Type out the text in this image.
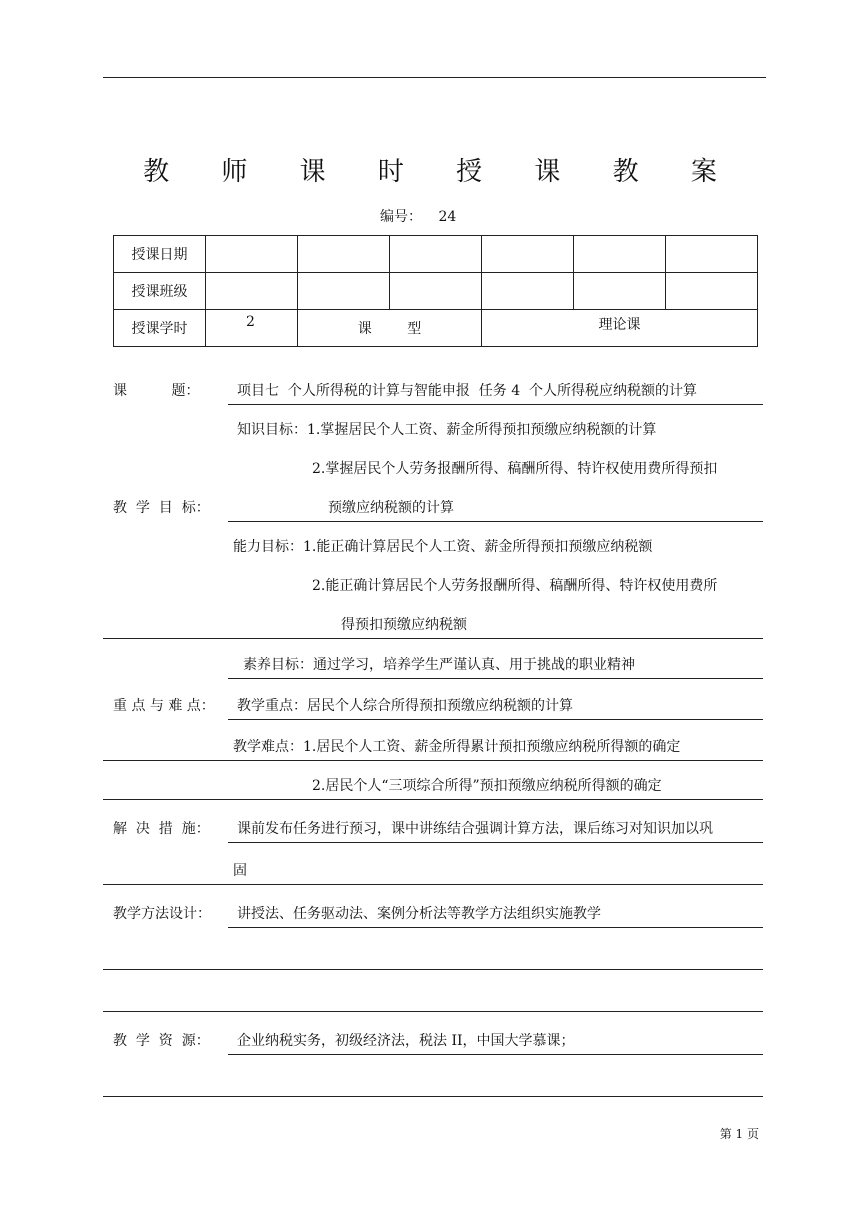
教 师 课 时 授 课 教 案
编号： 24
授课日期						
授课班级						
授课学时	2	课        型		理论课		
课          题：	项目七  个人所得税的计算与智能申报  任务 4  个人所得税应纳税额的计算
知识目标：1.掌握居民个人工资、薪金所得预扣预缴应纳税额的计算
2.掌握居民个人劳务报酬所得、稿酬所得、特许权使用费所得预扣
教  学  目  标：	预缴应纳税额的计算
能力目标：1.能正确计算居民个人工资、薪金所得预扣预缴应纳税额
2.能正确计算居民个人劳务报酬所得、稿酬所得、特许权使用费所
得预扣预缴应纳税额
素养目标：通过学习，培养学生严谨认真、用于挑战的职业精神
重 点 与 难 点： 教学重点：居民个人综合所得预扣预缴应纳税额的计算
教学难点：1.居民个人工资、薪金所得累计预扣预缴应纳税所得额的确定
2.居民个人“三项综合所得”预扣预缴应纳税所得额的确定
解  决  措  施： 课前发布任务进行预习，课中讲练结合强调计算方法，课后练习对知识加以巩
固
教学方法设计： 讲授法、任务驱动法、案例分析法等教学方法组织实施教学
教  学  资  源： 企业纳税实务，初级经济法，税法 II，中国大学慕课；
第 1 页
